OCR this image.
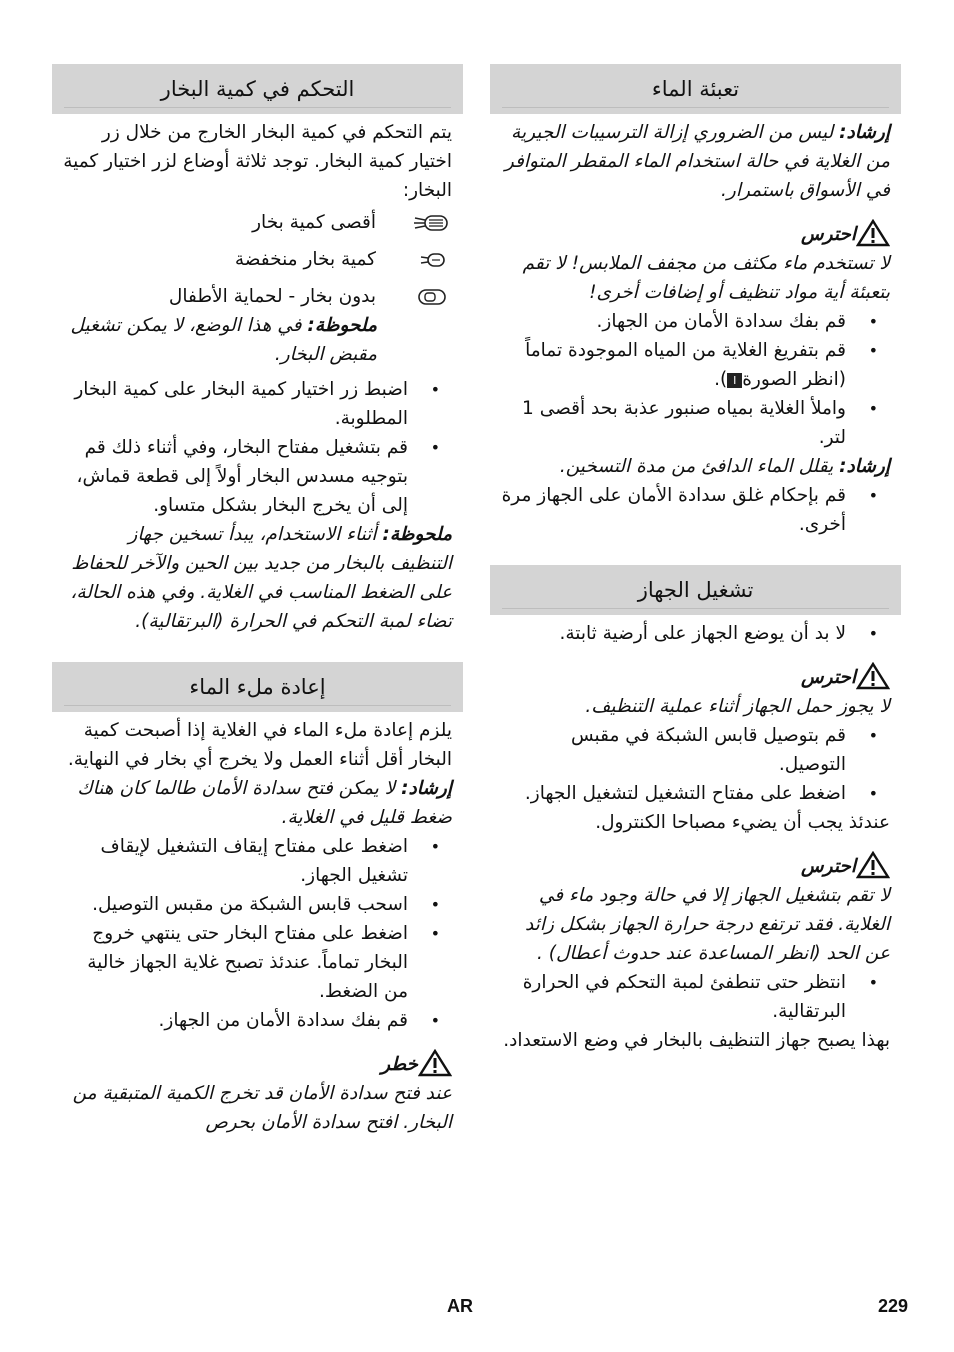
تعبئة الماء
إرشاد: ليس من الضروري إزالة الترسيبات الجيرية من الغلاية في حالة استخدام الماء المقطر المتوافر في الأسواق باستمرار.
احترس
لا تستخدم ماء مكثف من مجفف الملابس! لا تقم بتعبئة أية مواد تنظيف أو إضافات أخرى!
• قم بفك سدادة الأمان من الجهاز.
• قم بتفريغ الغلاية من المياه الموجودة تماماً (انظر الصورةI).
• واملأ الغلاية بمياه صنبور عذبة بحد أقصى 1 لتر.
إرشاد: يقلل الماء الدافئ من مدة التسخين.
• قم بإحكام غلق سدادة الأمان على الجهاز مرة أخرى.
تشغيل الجهاز
• لا بد أن يوضع الجهاز على أرضية ثابتة.
احترس
لا يجوز حمل الجهاز أثناء عملية التنظيف.
• قم بتوصيل قابس الشبكة في مقبس التوصيل.
• اضغط على مفتاح التشغيل لتشغيل الجهاز.
عندئذ يجب أن يضيء مصباحا الكنترول.
احترس
لا تقم بتشغيل الجهاز إلا في حالة وجود ماء في الغلاية. فقد ترتفع درجة حرارة الجهاز بشكل زائد عن الحد (انظر المساعدة عند حدوث أعطال) .
• انتظر حتى تنطفئ لمبة التحكم في الحرارة البرتقالية.
بهذا يصبح جهاز التنظيف بالبخار في وضع الاستعداد.
التحكم في كمية البخار
يتم التحكم في كمية البخار الخارج من خلال زر اختيار كمية البخار. توجد ثلاثة أوضاع لزر اختيار كمية البخار:
أقصى كمية بخار
كمية بخار منخفضة
بدون بخار - لحماية الأطفال
ملحوظة: في هذا الوضع، لا يمكن تشغيل مقبض البخار.
• اضبط زر اختيار كمية البخار على كمية البخار المطلوبة.
• قم بتشغيل مفتاح البخار، وفي أثناء ذلك قم بتوجيه مسدس البخار أولاً إلى قطعة قماش، إلى أن يخرج البخار بشكل متساو.
ملحوظة: أثناء الاستخدام، يبدأ تسخين جهاز التنظيف بالبخار من جديد بين الحين والآخر للحفاظ على الضغط المناسب في الغلاية. وفي هذه الحالة، تضاء لمبة التحكم في الحرارة (البرتقالية).
إعادة ملء الماء
يلزم إعادة ملء الماء في الغلاية إذا أصبحت كمية البخار أقل أثناء العمل ولا يخرج أي بخار في النهاية.
إرشاد: لا يمكن فتح سدادة الأمان طالما كان هناك ضغط قليل في الغلاية.
• اضغط على مفتاح إيقاف التشغيل لإيقاف تشغيل الجهاز.
• اسحب قابس الشبكة من مقبس التوصيل.
• اضغط على مفتاح البخار حتى ينتهي خروج البخار تماماً. عندئذ تصبح غلاية الجهاز خالية من الضغط.
• قم بفك سدادة الأمان من الجهاز.
خطر
عند فتح سدادة الأمان قد تخرج الكمية المتبقية من البخار. افتح سدادة الأمان بحرص
AR	229
